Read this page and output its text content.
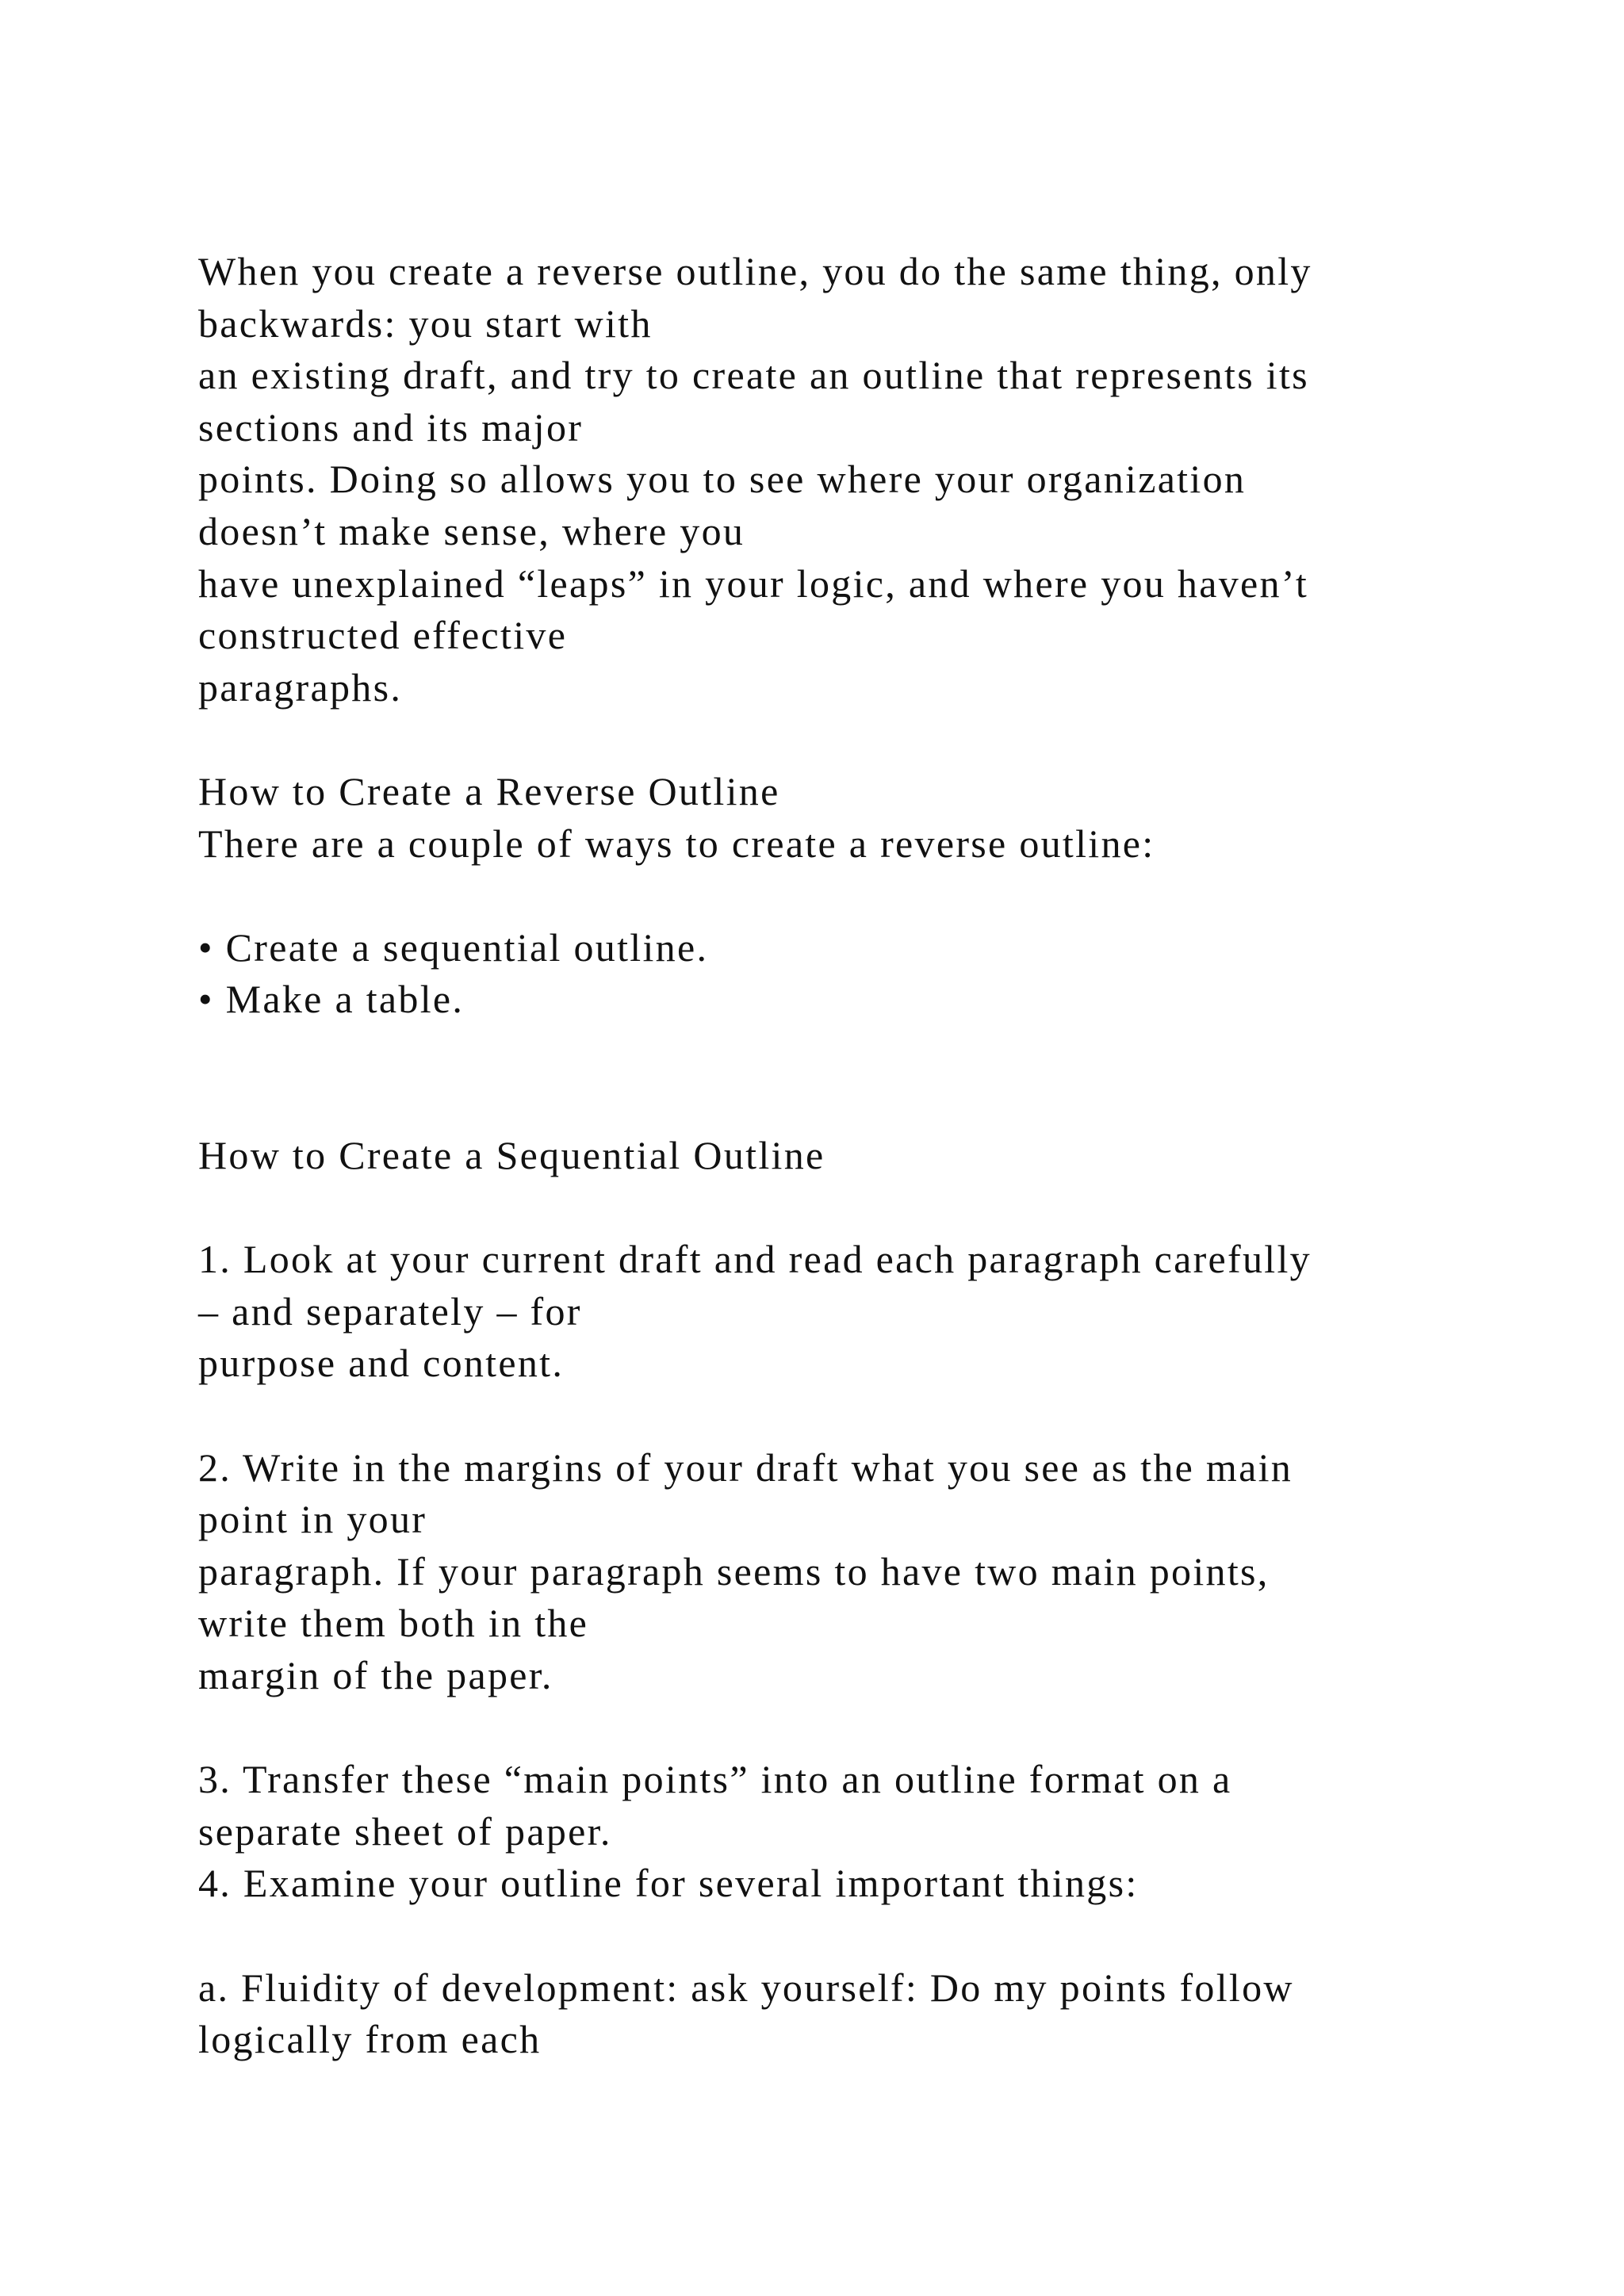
When you create a reverse outline, you do the same thing, only
backwards: you start with
an existing draft, and try to create an outline that represents its
sections and its major
points. Doing so allows you to see where your organization
doesn’t make sense, where you
have unexplained “leaps” in your logic, and where you haven’t
constructed effective
paragraphs.
How to Create a Reverse Outline
There are a couple of ways to create a reverse outline:
• Create a sequential outline.
• Make a table.
How to Create a Sequential Outline
1. Look at your current draft and read each paragraph carefully
– and separately – for
purpose and content.
2. Write in the margins of your draft what you see as the main
point in your
paragraph. If your paragraph seems to have two main points,
write them both in the
margin of the paper.
3. Transfer these “main points” into an outline format on a
separate sheet of paper.
4. Examine your outline for several important things:
a. Fluidity of development: ask yourself: Do my points follow
logically from each
